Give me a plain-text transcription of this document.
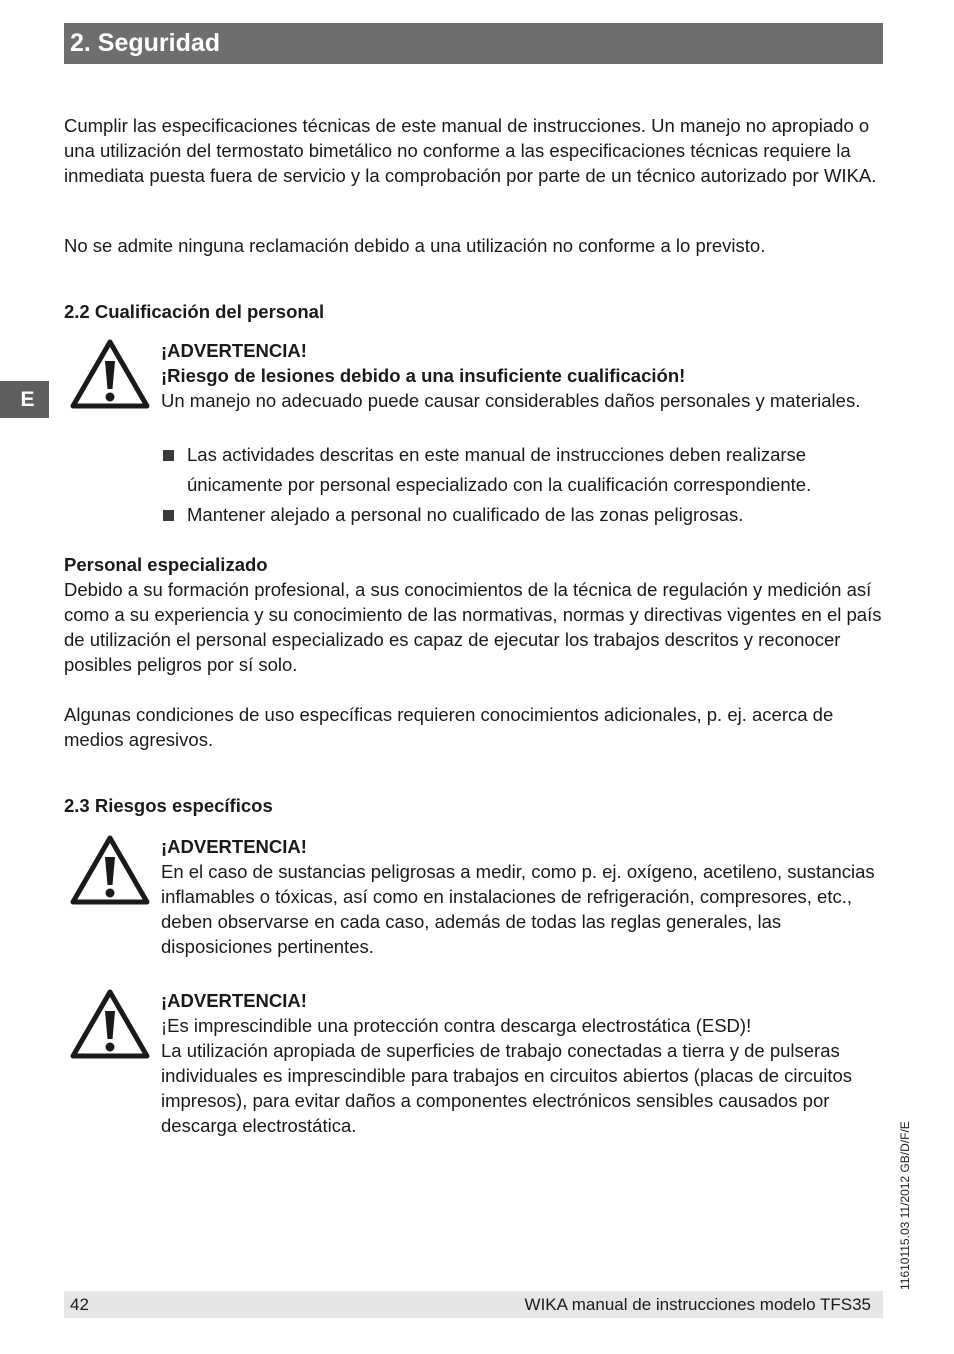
2. Seguridad
E

Cumplir las especificaciones técnicas de este manual de instrucciones. Un manejo no apropiado o una utilización del termostato bimetálico no conforme a las especificaciones técnicas requiere la inmediata puesta fuera de servicio y la comprobación por parte de un técnico autorizado por WIKA.

No se admite ninguna reclamación debido a una utilización no conforme a lo previsto.

2.2 Cualificación del personal

¡ADVERTENCIA!

¡Riesgo de lesiones debido a una insuficiente cualificación!

Un manejo no adecuado puede causar considerables daños personales y materiales.

Las actividades descritas en este manual de instrucciones deben realizarse únicamente por personal especializado con la cualificación correspondiente.
Mantener alejado a personal no cualificado de las zonas peligrosas.

Personal especializado

Debido a su formación profesional, a sus conocimientos de la técnica de regulación y medición así como a su experiencia y su conocimiento de las normativas, normas y directivas vigentes en el país de utilización el personal especializado es capaz de ejecutar los trabajos descritos y reconocer posibles peligros por sí solo.

Algunas condiciones de uso específicas requieren conocimientos adicionales, p. ej. acerca de medios agresivos.

2.3 Riesgos específicos

¡ADVERTENCIA!

En el caso de sustancias peligrosas a medir, como p. ej. oxígeno, acetileno, sustancias inflamables o tóxicas, así como en instalaciones de refrigeración, compresores, etc., deben observarse en cada caso, además de todas las reglas generales, las disposiciones pertinentes.

¡ADVERTENCIA!

¡Es imprescindible una protección contra descarga electrostática (ESD)!

La utilización apropiada de superficies de trabajo conectadas a tierra y de pulseras individuales es imprescindible para trabajos en circuitos abiertos (placas de circuitos impresos), para evitar daños a componentes electrónicos sensibles causados por descarga electrostática.	11610115.03 11/2012 GB/D/F/E
42	WIKA manual de instrucciones modelo TFS35
